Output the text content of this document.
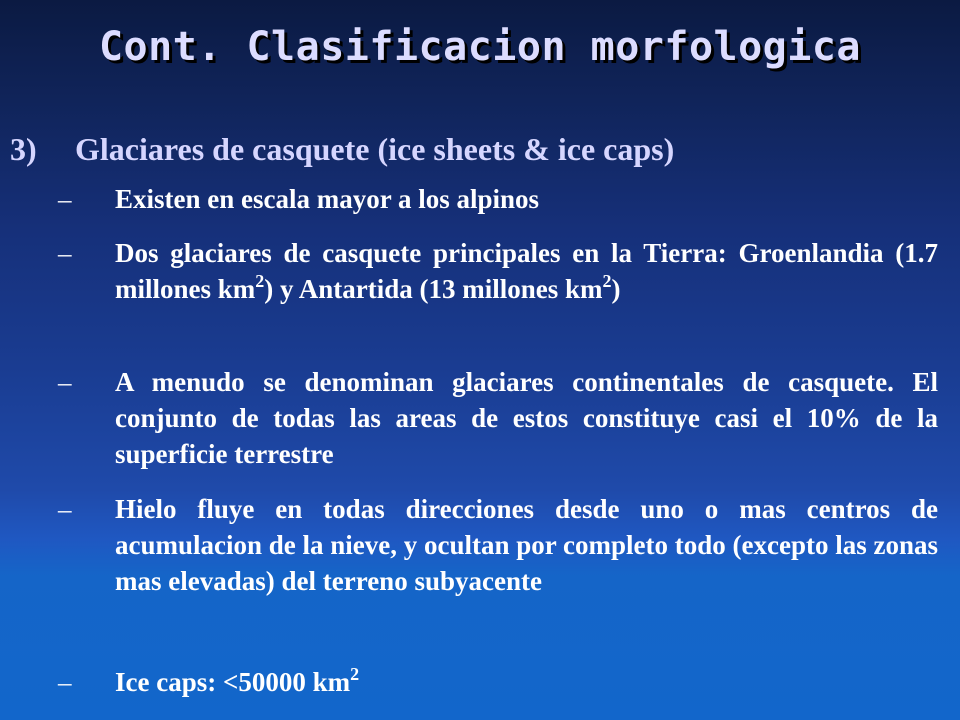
Cont. Clasificacion morfologica
3) Glaciares de casquete (ice sheets & ice caps)
– Existen en escala mayor a los alpinos
– Dos glaciares de casquete principales en la Tierra: Groenlandia (1.7 millones $km^2$) y Antartida (13 millones $km^2$)
– A menudo se denominan glaciares continentales de casquete. El conjunto de todas las areas de estos constituye casi el 10% de la superficie terrestre
– Hielo fluye en todas direcciones desde uno o mas centros de acumulacion de la nieve, y ocultan por completo todo (excepto las zonas mas elevadas) del terreno subyacente
– Ice caps: <50000 $km^2$
